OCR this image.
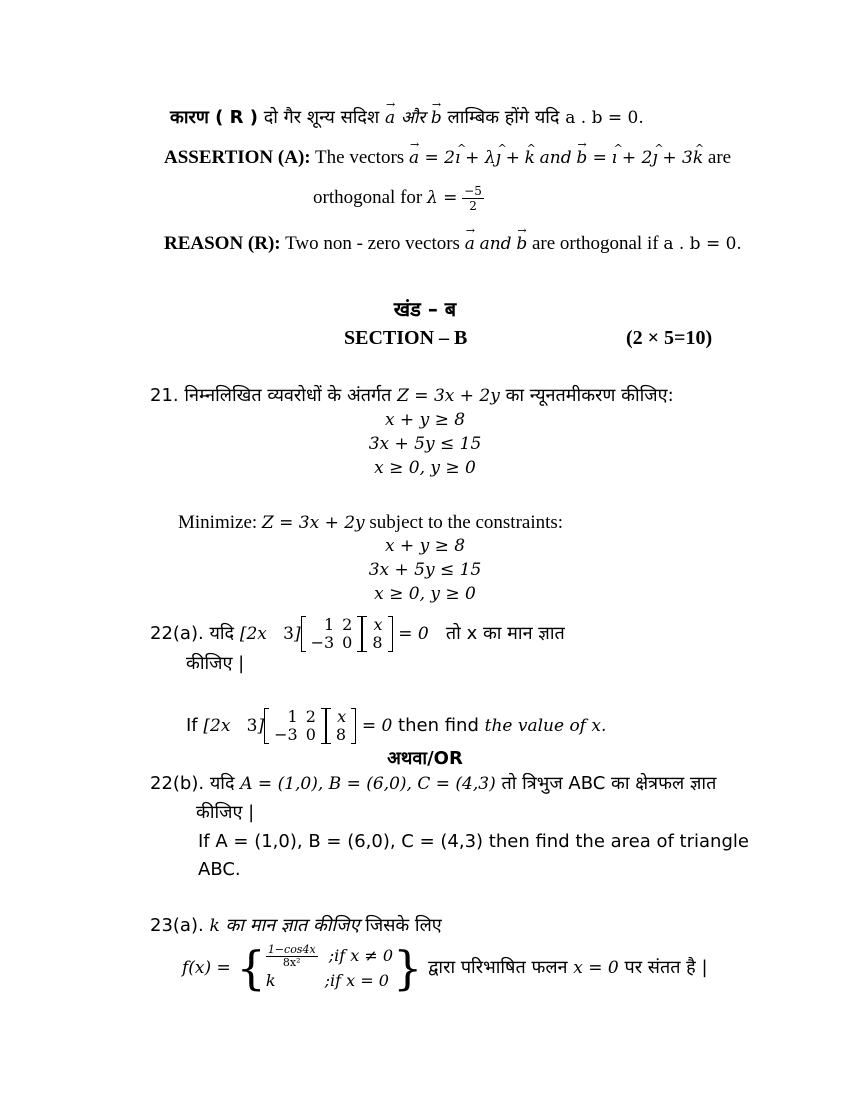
कारण ( R ) दो गैर शून्य सदिश → a और → b लाम्बिक होंगे यदि a . b = 0.
ASSERTION (A): The vectors → a = 2^ ı + λ^ ȷ + ^ k and → b = ^ ı + 2^ ȷ + 3^ k are
orthogonal for $\lambda = \frac{-5}{2}$
REASON (R): Two non - zero vectors → a and → b are orthogonal if a . b = 0.
खंड – ब
SECTION – B	(2 × 5=10)
21. निम्नलिखित व्यवरोधों के अंतर्गत Z = 3x + 2y का न्यूनतमीकरण कीजिए:
x + y ≥ 8
3x + 5y ≤ 15
x ≥ 0, y ≥ 0
Minimize: Z = 3x + 2y subject to the constraints:
x + y ≥ 8
3x + 5y ≤ 15
x ≥ 0, y ≥ 0
22(a). यदि [2x 3] 1	2
−3	0
x
8 = 0 तो x का मान ज्ञात
कीजिए |
If [2x 3] 1	2
−3	0
x
8 = 0 then find the value of x.
अथवा/OR
22(b). यदि A = (1,0), B = (6,0), C = (4,3) तो त्रिभुज ABC का क्षेत्रफल ज्ञात
कीजिए |
If A = (1,0), B = (6,0), C = (4,3) then find the area of triangle
ABC.
23(a). k का मान ज्ञात कीजिए जिसके लिए
f(x) = { $\frac{1-\cos 4x}{\text{8x²}}$ ;if x ≠ 0
k	;if x = 0 } द्वारा परिभाषित फलन x = 0 पर संतत है |
